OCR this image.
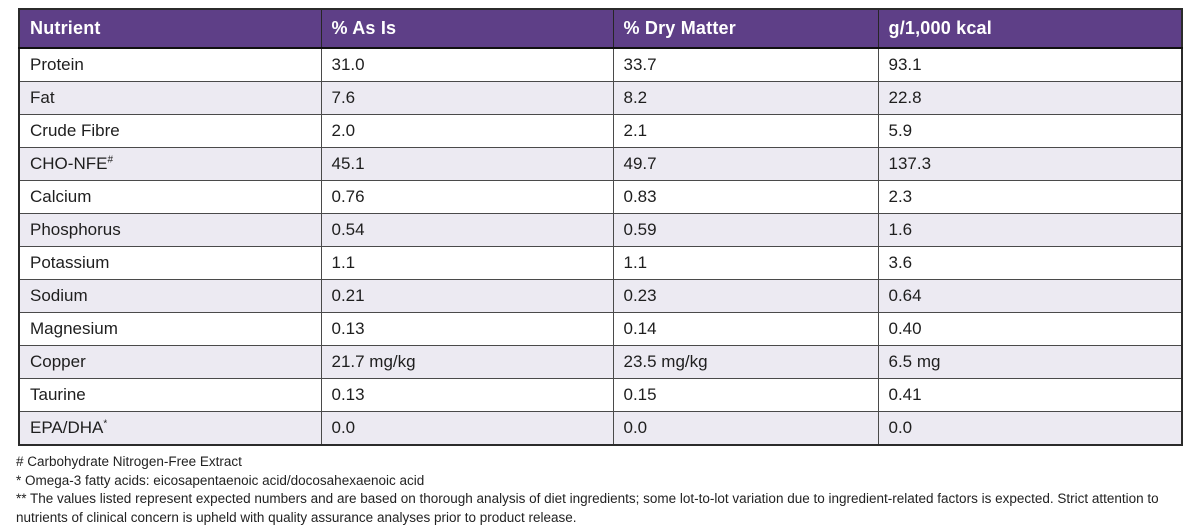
Nutrient	% As Is	% Dry Matter	g/1,000 kcal
Protein	31.0	33.7	93.1
Fat	7.6	8.2	22.8
Crude Fibre	2.0	2.1	5.9
CHO-NFE#	45.1	49.7	137.3
Calcium	0.76	0.83	2.3
Phosphorus	0.54	0.59	1.6
Potassium	1.1	1.1	3.6
Sodium	0.21	0.23	0.64
Magnesium	0.13	0.14	0.40
Copper	21.7 mg/kg	23.5 mg/kg	6.5 mg
Taurine	0.13	0.15	0.41
EPA/DHA*	0.0	0.0	0.0

# Carbohydrate Nitrogen-Free Extract

* Omega-3 fatty acids: eicosapentaenoic acid/docosahexaenoic acid

** The values listed represent expected numbers and are based on thorough analysis of diet ingredients; some lot-to-lot variation due to ingredient-related factors is expected. Strict attention to nutrients of clinical concern is upheld with quality assurance analyses prior to product release.
